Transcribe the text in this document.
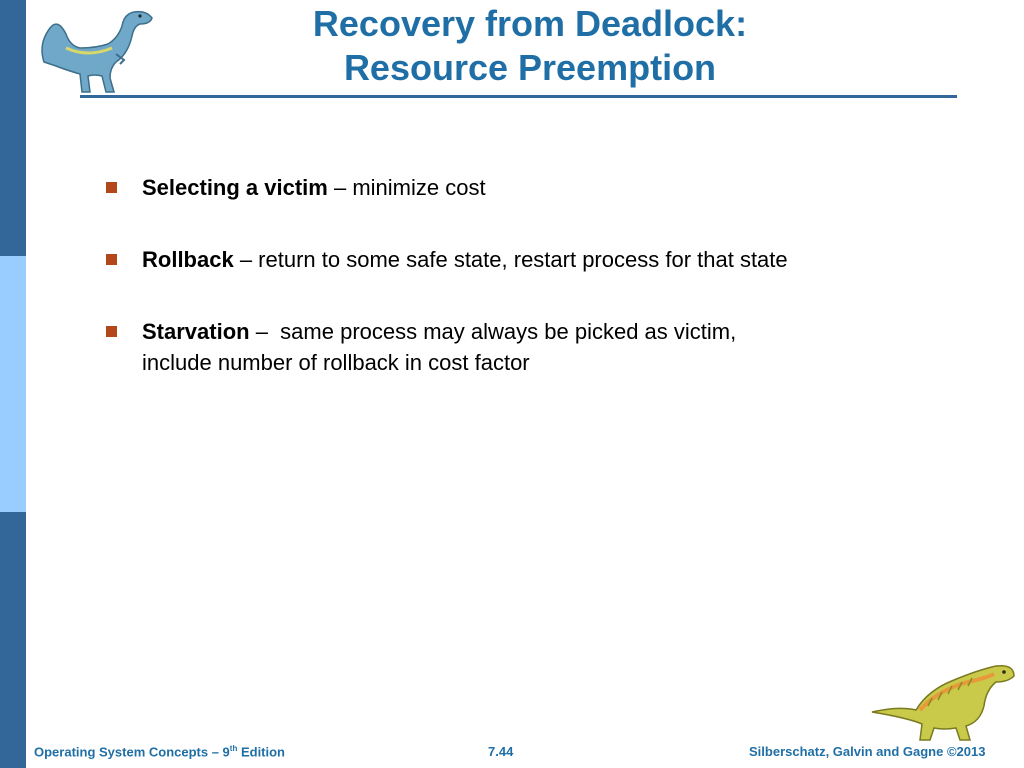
Recovery from Deadlock:
Resource Preemption
Selecting a victim – minimize cost
Rollback – return to some safe state, restart process for that state
Starvation –  same process may always be picked as victim,
include number of rollback in cost factor
Operating System Concepts – 9th Edition	7.44	Silberschatz, Galvin and Gagne ©2013
